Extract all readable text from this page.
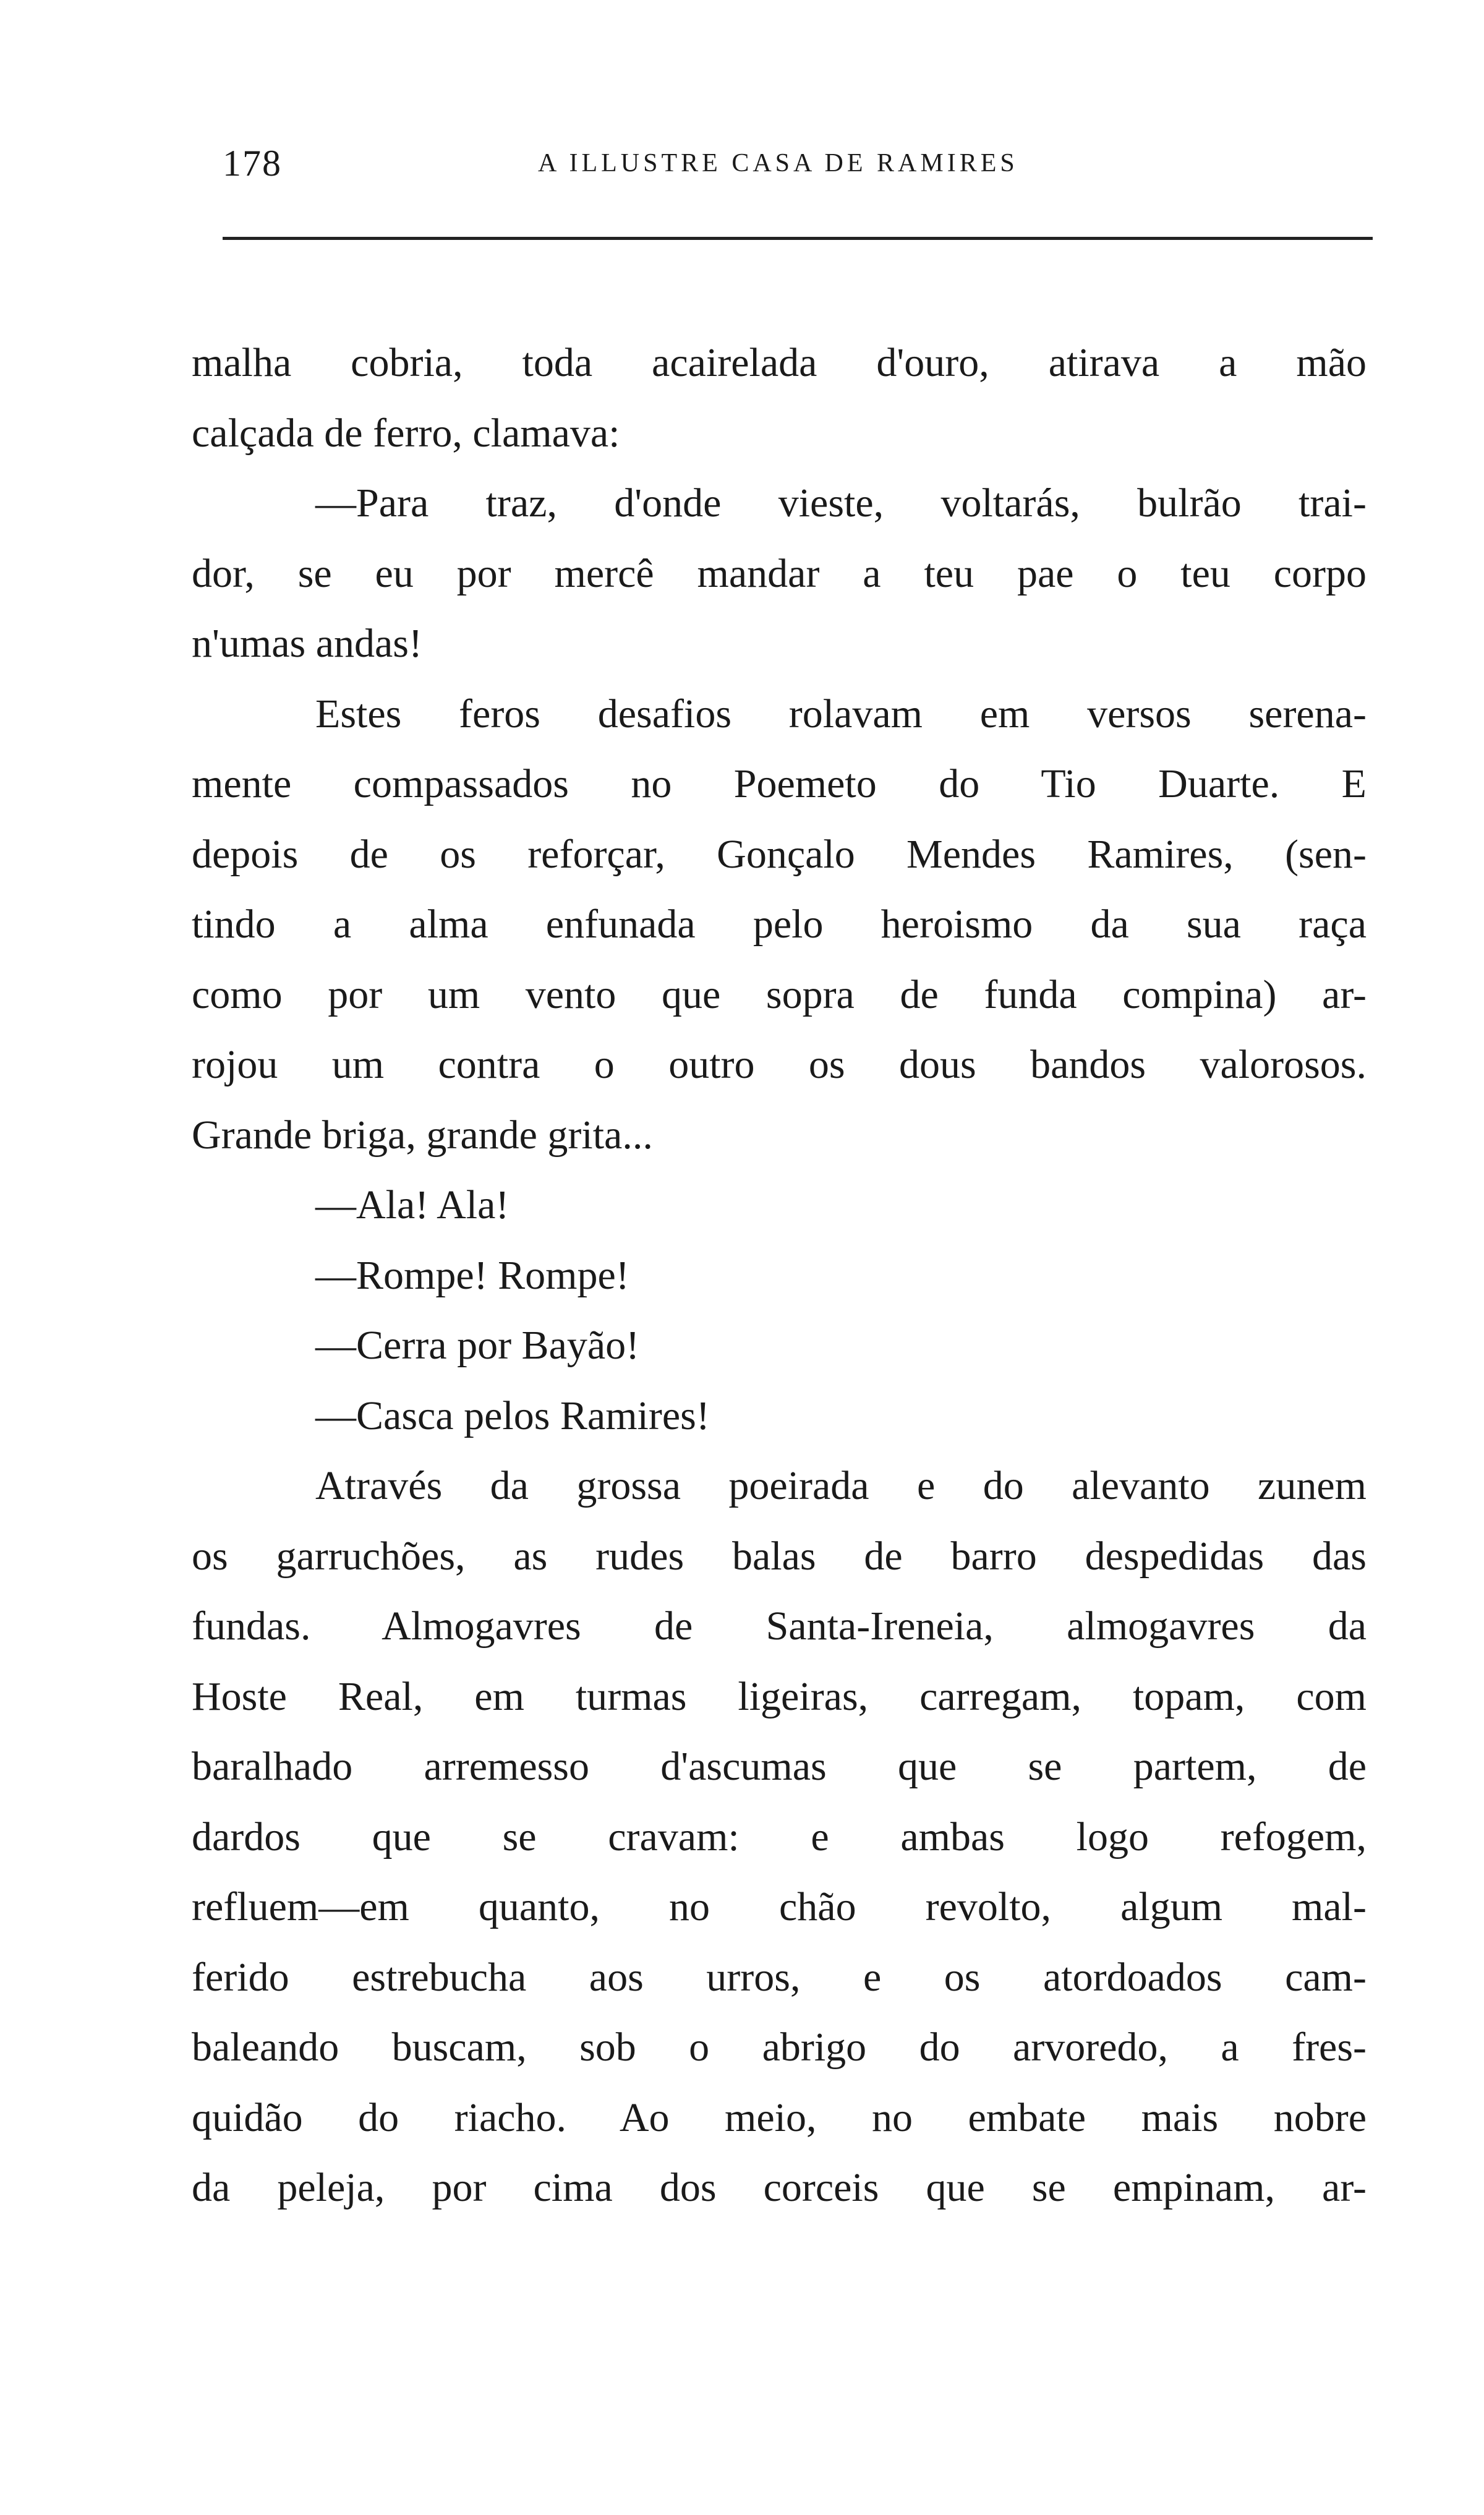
178	A ILLUSTRE CASA DE RAMIRES
malha cobria, toda acairelada d'ouro, atirava a mão
calçada de ferro, clamava:
—Para traz, d'onde vieste, voltarás, bulrão trai-
dor, se eu por mercê mandar a teu pae o teu corpo
n'umas andas!
Estes feros desafios rolavam em versos serena-
mente compassados no Poemeto do Tio Duarte. E
depois de os reforçar, Gonçalo Mendes Ramires, (sen-
tindo a alma enfunada pelo heroismo da sua raça
como por um vento que sopra de funda compina) ar-
rojou um contra o outro os dous bandos valorosos.
Grande briga, grande grita...
—Ala! Ala!
—Rompe! Rompe!
—Cerra por Bayão!
—Casca pelos Ramires!
Através da grossa poeirada e do alevanto zunem
os garruchões, as rudes balas de barro despedidas das
fundas. Almogavres de Santa-Ireneia, almogavres da
Hoste Real, em turmas ligeiras, carregam, topam, com
baralhado arremesso d'ascumas que se partem, de
dardos que se cravam: e ambas logo refogem,
refluem—em quanto, no chão revolto, algum mal-
ferido estrebucha aos urros, e os atordoados cam-
baleando buscam, sob o abrigo do arvoredo, a fres-
quidão do riacho. Ao meio, no embate mais nobre
da peleja, por cima dos corceis que se empinam, ar-
